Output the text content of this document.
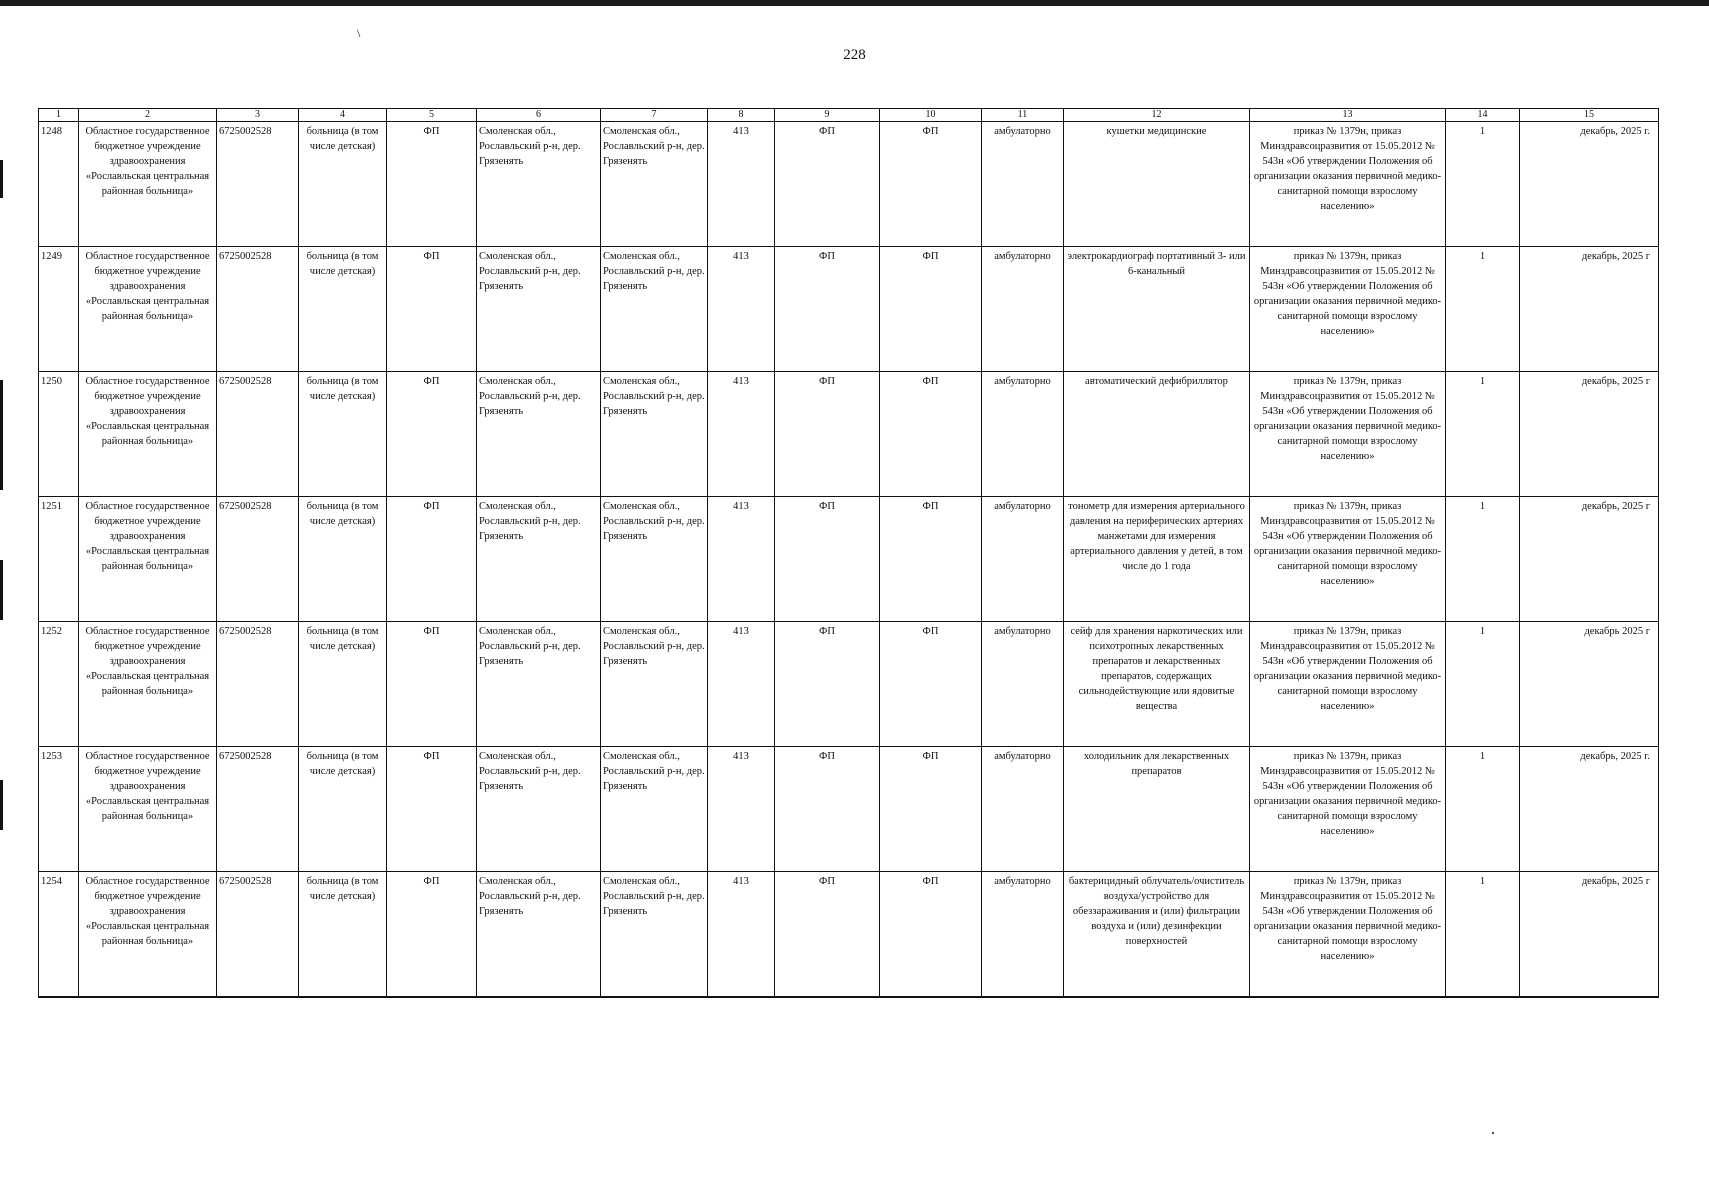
\
228
1	2	3	4	5	6	7	8	9	10	11	12	13	14	15
1248	Областное государственное бюджетное учреждение здравоохранения «Рославльская центральная районная больница»	6725002528	больница (в том числе детская)	ФП	Смоленская обл., Рославльский р-н, дер. Грязенять	Смоленская обл., Рославльский р-н, дер. Грязенять	413	ФП	ФП	амбулаторно	кушетки медицинские	приказ № 1379н, приказ Минздравсоцразвития от 15.05.2012 № 543н «Об утверждении Положения об организации оказания первичной медико-санитарной помощи взрослому населению»	1	декабрь, 2025 г.
1249	Областное государственное бюджетное учреждение здравоохранения «Рославльская центральная районная больница»	6725002528	больница (в том числе детская)	ФП	Смоленская обл., Рославльский р-н, дер. Грязенять	Смоленская обл., Рославльский р-н, дер. Грязенять	413	ФП	ФП	амбулаторно	электрокардиограф портативный 3- или 6-канальный	приказ № 1379н, приказ Минздравсоцразвития от 15.05.2012 № 543н «Об утверждении Положения об организации оказания первичной медико-санитарной помощи взрослому населению»	1	декабрь, 2025 г
1250	Областное государственное бюджетное учреждение здравоохранения «Рославльская центральная районная больница»	6725002528	больница (в том числе детская)	ФП	Смоленская обл., Рославльский р-н, дер. Грязенять	Смоленская обл., Рославльский р-н, дер. Грязенять	413	ФП	ФП	амбулаторно	автоматический дефибриллятор	приказ № 1379н, приказ Минздравсоцразвития от 15.05.2012 № 543н «Об утверждении Положения об организации оказания первичной медико-санитарной помощи взрослому населению»	1	декабрь, 2025 г
1251	Областное государственное бюджетное учреждение здравоохранения «Рославльская центральная районная больница»	6725002528	больница (в том числе детская)	ФП	Смоленская обл., Рославльский р-н, дер. Грязенять	Смоленская обл., Рославльский р-н, дер. Грязенять	413	ФП	ФП	амбулаторно	тонометр для измерения артериального давления на периферических артериях манжетами для измерения артериального давления у детей, в том числе до 1 года	приказ № 1379н, приказ Минздравсоцразвития от 15.05.2012 № 543н «Об утверждении Положения об организации оказания первичной медико-санитарной помощи взрослому населению»	1	декабрь, 2025 г
1252	Областное государственное бюджетное учреждение здравоохранения «Рославльская центральная районная больница»	6725002528	больница (в том числе детская)	ФП	Смоленская обл., Рославльский р-н, дер. Грязенять	Смоленская обл., Рославльский р-н, дер. Грязенять	413	ФП	ФП	амбулаторно	сейф для хранения наркотических или психотропных лекарственных препаратов и лекарственных препаратов, содержащих сильнодействующие или ядовитые вещества	приказ № 1379н, приказ Минздравсоцразвития от 15.05.2012 № 543н «Об утверждении Положения об организации оказания первичной медико-санитарной помощи взрослому населению»	1	декабрь 2025 г
1253	Областное государственное бюджетное учреждение здравоохранения «Рославльская центральная районная больница»	6725002528	больница (в том числе детская)	ФП	Смоленская обл., Рославльский р-н, дер. Грязенять	Смоленская обл., Рославльский р-н, дер. Грязенять	413	ФП	ФП	амбулаторно	холодильник для лекарственных препаратов	приказ № 1379н, приказ Минздравсоцразвития от 15.05.2012 № 543н «Об утверждении Положения об организации оказания первичной медико-санитарной помощи взрослому населению»	1	декабрь, 2025 г.
1254	Областное государственное бюджетное учреждение здравоохранения «Рославльская центральная районная больница»	6725002528	больница (в том числе детская)	ФП	Смоленская обл., Рославльский р-н, дер. Грязенять	Смоленская обл., Рославльский р-н, дер. Грязенять	413	ФП	ФП	амбулаторно	бактерицидный облучатель/очиститель воздуха/устройство для обеззараживания и (или) фильтрации воздуха и (или) дезинфекции поверхностей	приказ № 1379н, приказ Минздравсоцразвития от 15.05.2012 № 543н «Об утверждении Положения об организации оказания первичной медико-санитарной помощи взрослому населению»	1	декабрь, 2025 г
